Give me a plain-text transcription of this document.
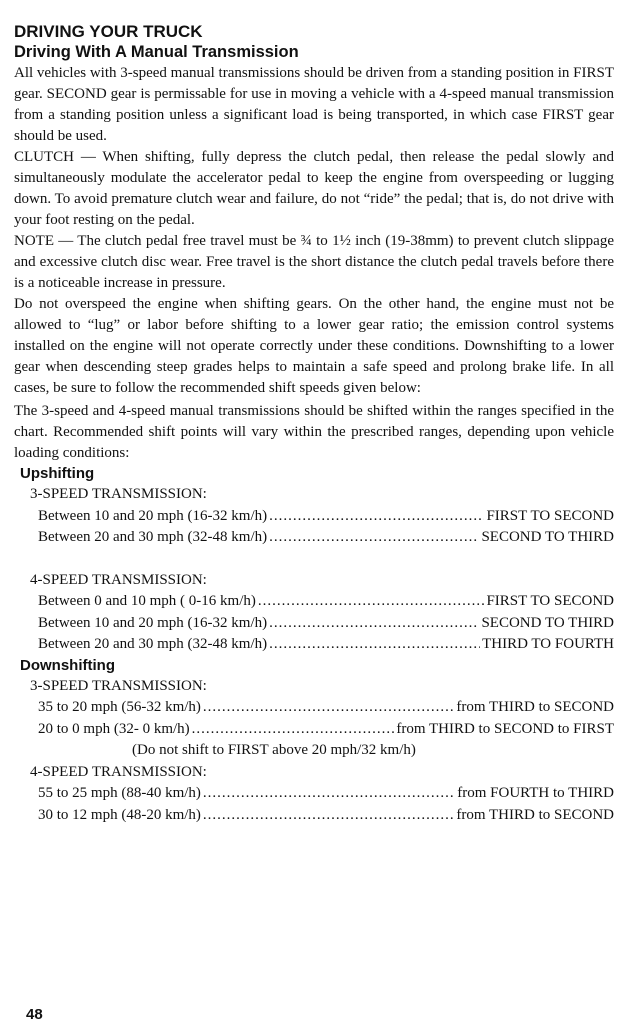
DRIVING YOUR TRUCK
Driving With A Manual Transmission

All vehicles with 3-speed manual transmissions should be driven from a standing position in FIRST gear. SECOND gear is permissable for use in moving a vehicle with a 4-speed manual transmission from a standing position unless a significant load is being transported, in which case FIRST gear should be used.

CLUTCH — When shifting, fully depress the clutch pedal, then release the pedal slowly and simultaneously modulate the accelerator pedal to keep the engine from overspeeding or lugging down. To avoid premature clutch wear and failure, do not “ride” the pedal; that is, do not drive with your foot resting on the pedal.

NOTE — The clutch pedal free travel must be ¾ to 1½ inch (19-38mm) to prevent clutch slippage and excessive clutch disc wear. Free travel is the short distance the clutch pedal travels before there is a noticeable increase in pressure.

Do not overspeed the engine when shifting gears. On the other hand, the engine must not be allowed to “lug” or labor before shifting to a lower gear ratio; the emission control systems installed on the engine will not operate correctly under these conditions. Downshifting to a lower gear when descending steep grades helps to maintain a safe speed and prolong brake life. In all cases, be sure to follow the recommended shift speeds given below:

The 3-speed and 4-speed manual transmissions should be shifted within the ranges specified in the chart. Recommended shift points will vary within the prescribed ranges, depending upon vehicle loading conditions:

Upshifting
3-SPEED TRANSMISSION:
Between 10 and 20 mph (16-32 km/h) .....	FIRST TO SECOND
Between 20 and 30 mph (32-48 km/h) .....	SECOND TO THIRD
4-SPEED TRANSMISSION:
Between 0 and 10 mph ( 0-16 km/h) .....	FIRST TO SECOND
Between 10 and 20 mph (16-32 km/h) .....	SECOND TO THIRD
Between 20 and 30 mph (32-48 km/h) .....	THIRD TO FOURTH
Downshifting
3-SPEED TRANSMISSION:
35 to 20 mph (56-32 km/h) .....	from THIRD to SECOND
20 to 0 mph (32- 0 km/h) .....	from THIRD to SECOND to FIRST
(Do not shift to FIRST above 20 mph/32 km/h)
4-SPEED TRANSMISSION:
55 to 25 mph (88-40 km/h) .....	from FOURTH to THIRD
30 to 12 mph (48-20 km/h) .....	from THIRD to SECOND
48
